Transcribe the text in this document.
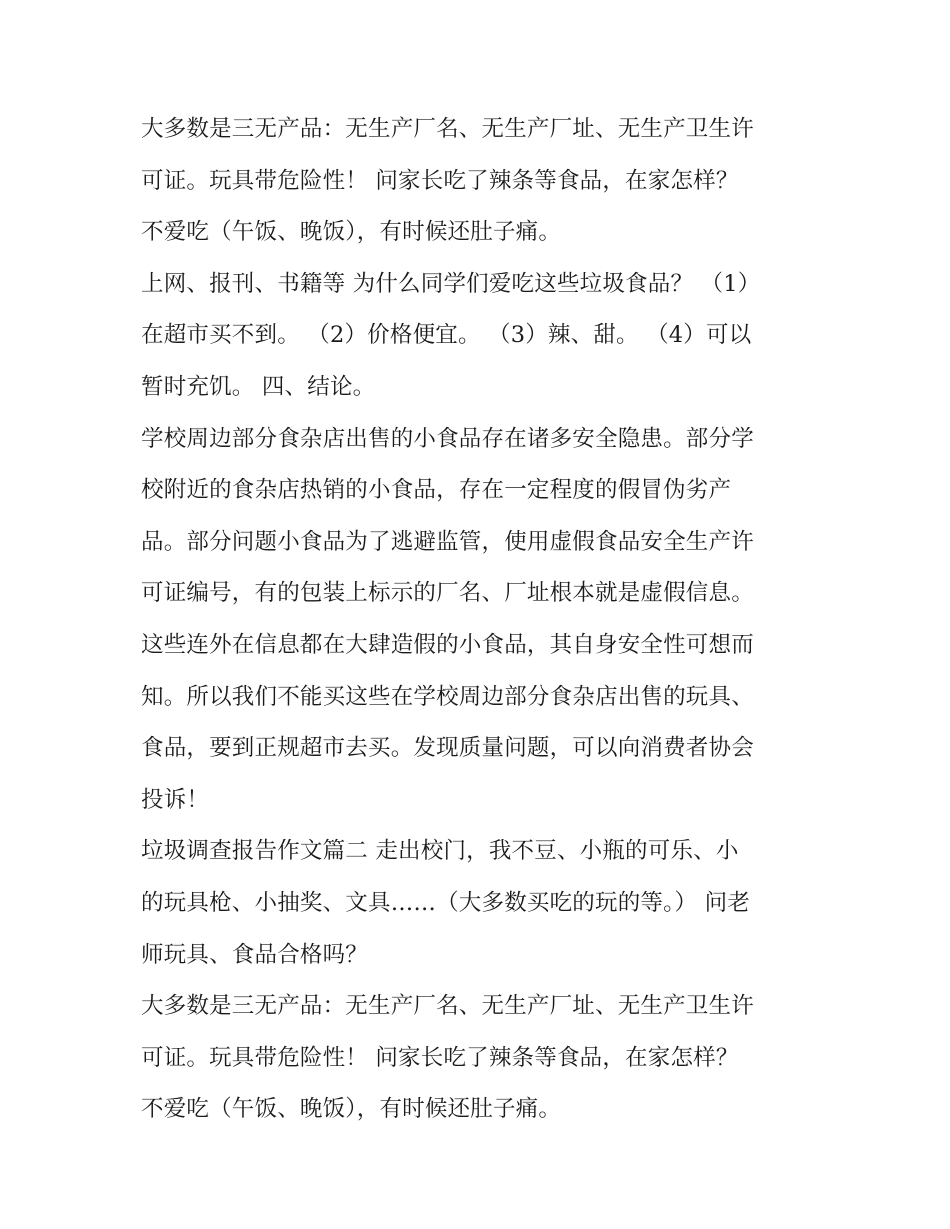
大多数是三无产品：无生产厂名、无生产厂址、无生产卫生许
可证。玩具带危险性！ 问家长吃了辣条等食品，在家怎样？
不爱吃（午饭、晚饭），有时候还肚子痛。

上网、报刊、书籍等 为什么同学们爱吃这些垃圾食品？ （1）
在超市买不到。 （2）价格便宜。 （3）辣、甜。 （4）可以
暂时充饥。 四、结论。

学校周边部分食杂店出售的小食品存在诸多安全隐患。部分学
校附近的食杂店热销的小食品，存在一定程度的假冒伪劣产
品。部分问题小食品为了逃避监管，使用虚假食品安全生产许
可证编号，有的包装上标示的厂名、厂址根本就是虚假信息。
这些连外在信息都在大肆造假的小食品，其自身安全性可想而
知。所以我们不能买这些在学校周边部分食杂店出售的玩具、
食品，要到正规超市去买。发现质量问题，可以向消费者协会
投诉！

垃圾调查报告作文篇二 走出校门，我不豆、小瓶的可乐、小
的玩具枪、小抽奖、文具……（大多数买吃的玩的等。） 问老
师玩具、食品合格吗？

大多数是三无产品：无生产厂名、无生产厂址、无生产卫生许
可证。玩具带危险性！ 问家长吃了辣条等食品，在家怎样？
不爱吃（午饭、晚饭），有时候还肚子痛。
